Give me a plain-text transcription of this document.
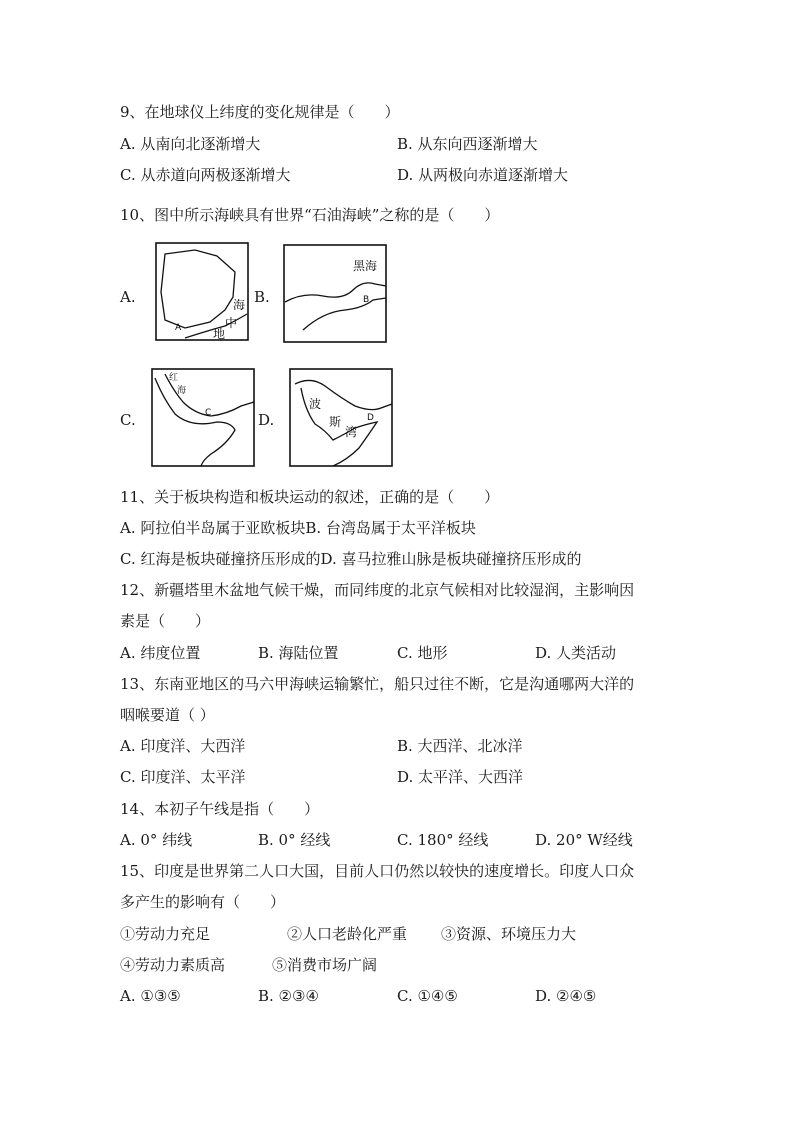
9、在地球仪上纬度的变化规律是（　　）
A. 从南向北逐渐增大	B. 从东向西逐渐增大
C. 从赤道向两极逐渐增大	D. 从两极向赤道逐渐增大
10、图中所示海峡具有世界“石油海峡”之称的是（　　）
A.	海
中
地
A
B.
黑海
B
C.
红
海
C	D.
波
斯
湾
D
11、关于板块构造和板块运动的叙述，正确的是（　　）
A. 阿拉伯半岛属于亚欧板块B. 台湾岛属于太平洋板块
C. 红海是板块碰撞挤压形成的D. 喜马拉雅山脉是板块碰撞挤压形成的
12、新疆塔里木盆地气候干燥，而同纬度的北京气候相对比较湿润，主影响因
素是（　　）
A. 纬度位置	B. 海陆位置	C. 地形	D. 人类活动
13、东南亚地区的马六甲海峡运输繁忙，船只过往不断，它是沟通哪两大洋的
咽喉要道（ ）
A. 印度洋、大西洋	B. 大西洋、北冰洋
C. 印度洋、太平洋	D. 太平洋、大西洋
14、本初子午线是指（　　）
A. 0° 纬线	B. 0° 经线	C. 180° 经线	D. 20° W经线
15、印度是世界第二人口大国，目前人口仍然以较快的速度增长。印度人口众
多产生的影响有（　　）
①劳动力充足	②人口老龄化严重 ③资源、环境压力大
④劳动力素质高	⑤消费市场广阔
A. ①③⑤	B. ②③④	C. ①④⑤	D. ②④⑤
